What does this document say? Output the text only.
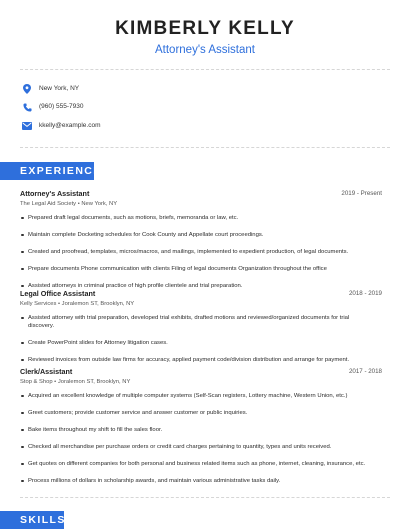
KIMBERLY KELLY
Attorney's Assistant
New York, NY
(960) 555-7930
kkelly@example.com
EXPERIENCE
Attorney's Assistant	2019 - Present
The Legal Aid Society • New York, NY
Prepared draft legal documents, such as motions, briefs, memoranda or law, etc.
Maintain complete Docketing schedules for Cook County and Appellate court proceedings.
Created and proofread, templates, micros/macros, and mailings, implemented to expedient production, of legal documents.
Prepare documents Phone communication with clients Filing of legal documents Organization throughout the office
Assisted attorneys in criminal practice of high profile clientele and trial preparation.
Legal Office Assistant	2018 - 2019
Kelly Services • Joralemon ST, Brooklyn, NY
Assisted attorney with trial preparation, developed trial exhibits, drafted motions and reviewed/organized documents for trial discovery.
Create PowerPoint slides for Attorney litigation cases.
Reviewed invoices from outside law firms for accuracy, applied payment code/division distribution and arrange for payment.
Clerk/Assistant	2017 - 2018
Stop & Shop • Joralemon ST, Brooklyn, NY
Acquired an excellent knowledge of multiple computer systems (Self-Scan registers, Lottery machine, Western Union, etc.)
Greet customers; provide customer service and answer customer or public inquiries.
Bake items throughout my shift to fill the sales floor.
Checked all merchandise per purchase orders or credit card charges pertaining to quantity, types and units received.
Get quotes on different companies for both personal and business related items such as phone, internet, cleaning, insurance, etc.
Process millions of dollars in scholarship awards, and maintain various administrative tasks daily.
SKILLS
